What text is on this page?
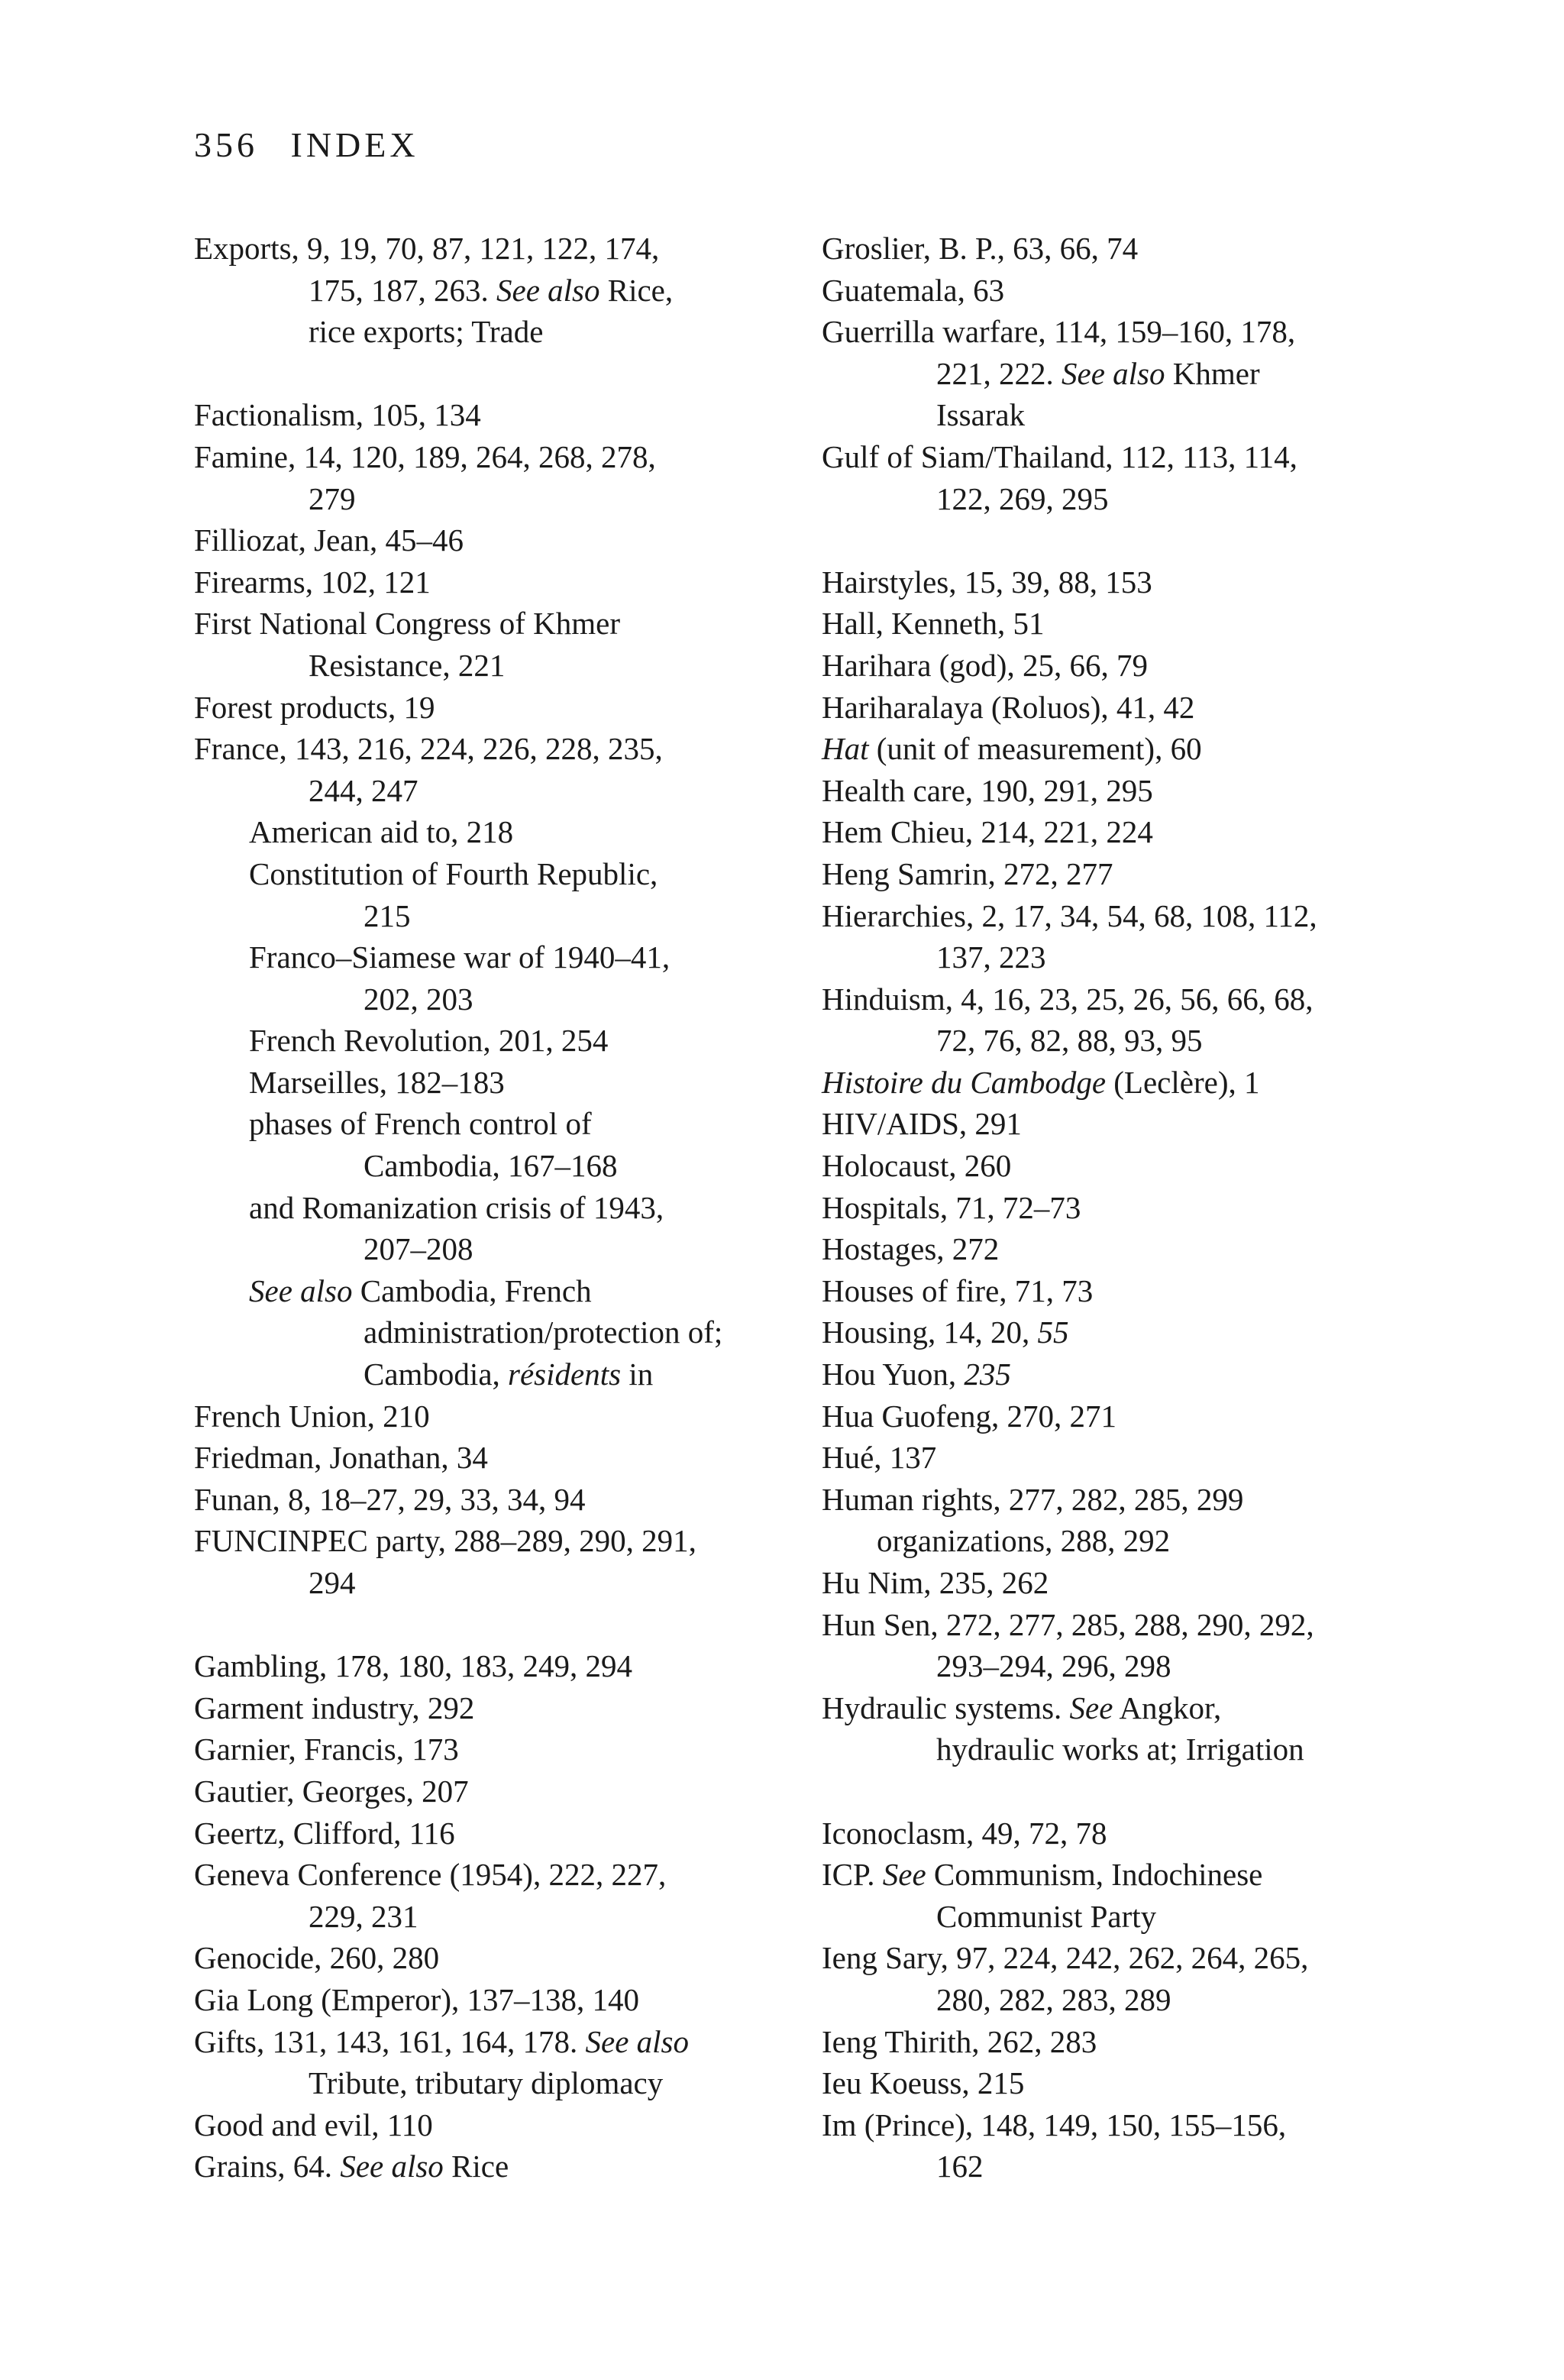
356 INDEX
Exports, 9, 19, 70, 87, 121, 122, 174,
175, 187, 263. See also Rice,
rice exports; Trade
Factionalism, 105, 134
Famine, 14, 120, 189, 264, 268, 278,
279
Filliozat, Jean, 45–46
Firearms, 102, 121
First National Congress of Khmer
Resistance, 221
Forest products, 19
France, 143, 216, 224, 226, 228, 235,
244, 247
American aid to, 218
Constitution of Fourth Republic,
215
Franco–Siamese war of 1940–41,
202, 203
French Revolution, 201, 254
Marseilles, 182–183
phases of French control of
Cambodia, 167–168
and Romanization crisis of 1943,
207–208
See also Cambodia, French
administration/protection of;
Cambodia, résidents in
French Union, 210
Friedman, Jonathan, 34
Funan, 8, 18–27, 29, 33, 34, 94
FUNCINPEC party, 288–289, 290, 291,
294
Gambling, 178, 180, 183, 249, 294
Garment industry, 292
Garnier, Francis, 173
Gautier, Georges, 207
Geertz, Clifford, 116
Geneva Conference (1954), 222, 227,
229, 231
Genocide, 260, 280
Gia Long (Emperor), 137–138, 140
Gifts, 131, 143, 161, 164, 178. See also
Tribute, tributary diplomacy
Good and evil, 110
Grains, 64. See also Rice
Groslier, B. P., 63, 66, 74
Guatemala, 63
Guerrilla warfare, 114, 159–160, 178,
221, 222. See also Khmer
Issarak
Gulf of Siam/Thailand, 112, 113, 114,
122, 269, 295
Hairstyles, 15, 39, 88, 153
Hall, Kenneth, 51
Harihara (god), 25, 66, 79
Hariharalaya (Roluos), 41, 42
Hat (unit of measurement), 60
Health care, 190, 291, 295
Hem Chieu, 214, 221, 224
Heng Samrin, 272, 277
Hierarchies, 2, 17, 34, 54, 68, 108, 112,
137, 223
Hinduism, 4, 16, 23, 25, 26, 56, 66, 68,
72, 76, 82, 88, 93, 95
Histoire du Cambodge (Leclère), 1
HIV/AIDS, 291
Holocaust, 260
Hospitals, 71, 72–73
Hostages, 272
Houses of fire, 71, 73
Housing, 14, 20, 55
Hou Yuon, 235
Hua Guofeng, 270, 271
Hué, 137
Human rights, 277, 282, 285, 299
organizations, 288, 292
Hu Nim, 235, 262
Hun Sen, 272, 277, 285, 288, 290, 292,
293–294, 296, 298
Hydraulic systems. See Angkor,
hydraulic works at; Irrigation
Iconoclasm, 49, 72, 78
ICP. See Communism, Indochinese
Communist Party
Ieng Sary, 97, 224, 242, 262, 264, 265,
280, 282, 283, 289
Ieng Thirith, 262, 283
Ieu Koeuss, 215
Im (Prince), 148, 149, 150, 155–156,
162
